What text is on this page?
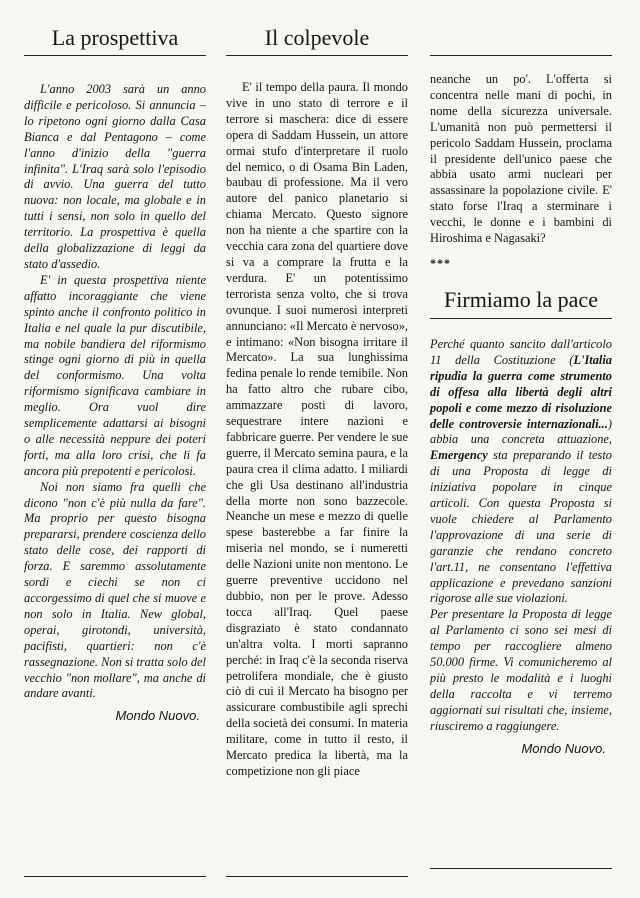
La prospettiva

L'anno 2003 sarà un anno difficile e pericoloso. Si annuncia – lo ripetono ogni giorno dalla Casa Bianca e dal Pentagono – come l'anno d'inizio della "guerra infinita". L'Iraq sarà solo l'episodio di avvio. Una guerra del tutto nuova: non locale, ma globale e in tutti i sensi, non solo in quello del territorio. La prospettiva è quella della globalizzazione di leggi da stato d'assedio.

E' in questa prospettiva niente affatto incoraggiante che viene spinto anche il confronto politico in Italia e nel quale la pur discutibile, ma nobile bandiera del riformismo stinge ogni giorno di più in quella del conformismo. Una volta riformismo significava cambiare in meglio. Ora vuol dire semplicemente adattarsi ai bisogni o alle necessità neppure dei poteri forti, ma alla loro crisi, che li fa ancora più prepotenti e pericolosi.

Noi non siamo fra quelli che dicono "non c'è più nulla da fare". Ma proprio per questo bisogna prepararsi, prendere coscienza dello stato delle cose, dei rapporti di forza. E saremmo assolutamente sordi e ciechi se non ci accorgessimo di quel che si muove e non solo in Italia. New global, operai, girotondi, università, pacifisti, quartieri: non c'è rassegnazione. Non si tratta solo del vecchio "non mollare", ma anche di andare avanti.

Mondo Nuovo.
Il colpevole

E' il tempo della paura. Il mondo vive in uno stato di terrore e il terrore si maschera: dice di essere opera di Saddam Hussein, un attore ormai stufo d'interpretare il ruolo del nemico, o di Osama Bin Laden, baubau di professione. Ma il vero autore del panico planetario si chiama Mercato. Questo signore non ha niente a che spartire con la vecchia cara zona del quartiere dove si va a comprare la frutta e la verdura. E' un potentissimo terrorista senza volto, che si trova ovunque. I suoi numerosi interpreti annunciano: «Il Mercato è nervoso», e intimano: «Non bisogna irritare il Mercato». La sua lunghissima fedina penale lo rende temibile. Non ha fatto altro che rubare cibo, ammazzare posti di lavoro, sequestrare intere nazioni e fabbricare guerre. Per vendere le sue guerre, il Mercato semina paura, e la paura crea il clima adatto. I miliardi che gli Usa destinano all'industria della morte non sono bazzecole. Neanche un mese e mezzo di quelle spese basterebbe a far finire la miseria nel mondo, se i numeretti delle Nazioni unite non mentono. Le guerre preventive uccidono nel dubbio, non per le prove. Adesso tocca all'Iraq. Quel paese disgraziato è stato condannato un'altra volta. I morti sapranno perché: in Iraq c'è la seconda riserva petrolifera mondiale, che è giusto ciò di cui il Mercato ha bisogno per assicurare combustibile agli sprechi della società dei consumi. In materia militare, come in tutto il resto, il Mercato predica la libertà, ma la competizione non gli piace

neanche un po'. L'offerta si concentra nelle mani di pochi, in nome della sicurezza universale. L'umanità non può permettersi il pericolo Saddam Hussein, proclama il presidente dell'unico paese che abbia usato armi nucleari per assassinare la popolazione civile. E' stato forse l'Iraq a sterminare i vecchi, le donne e i bambini di Hiroshima e Nagasaki?

***
Firmiamo la pace

Perché quanto sancito dall'articolo 11 della Costituzione (L'Italia ripudia la guerra come strumento di offesa alla libertà degli altri popoli e come mezzo di risoluzione delle controversie internazionali...) abbia una concreta attuazione, Emergency sta preparando il testo di una Proposta di legge di iniziativa popolare in cinque articoli. Con questa Proposta si vuole chiedere al Parlamento l'approvazione di una serie di garanzie che rendano concreto l'art.11, ne consentano l'effettiva applicazione e prevedano sanzioni rigorose alle sue violazioni.

Per presentare la Proposta di legge al Parlamento ci sono sei mesi di tempo per raccogliere almeno 50.000 firme. Vi comunicheremo al più presto le modalità e i luoghi della raccolta e vi terremo aggiornati sui risultati che, insieme, riusciremo a raggiungere.

Mondo Nuovo.
